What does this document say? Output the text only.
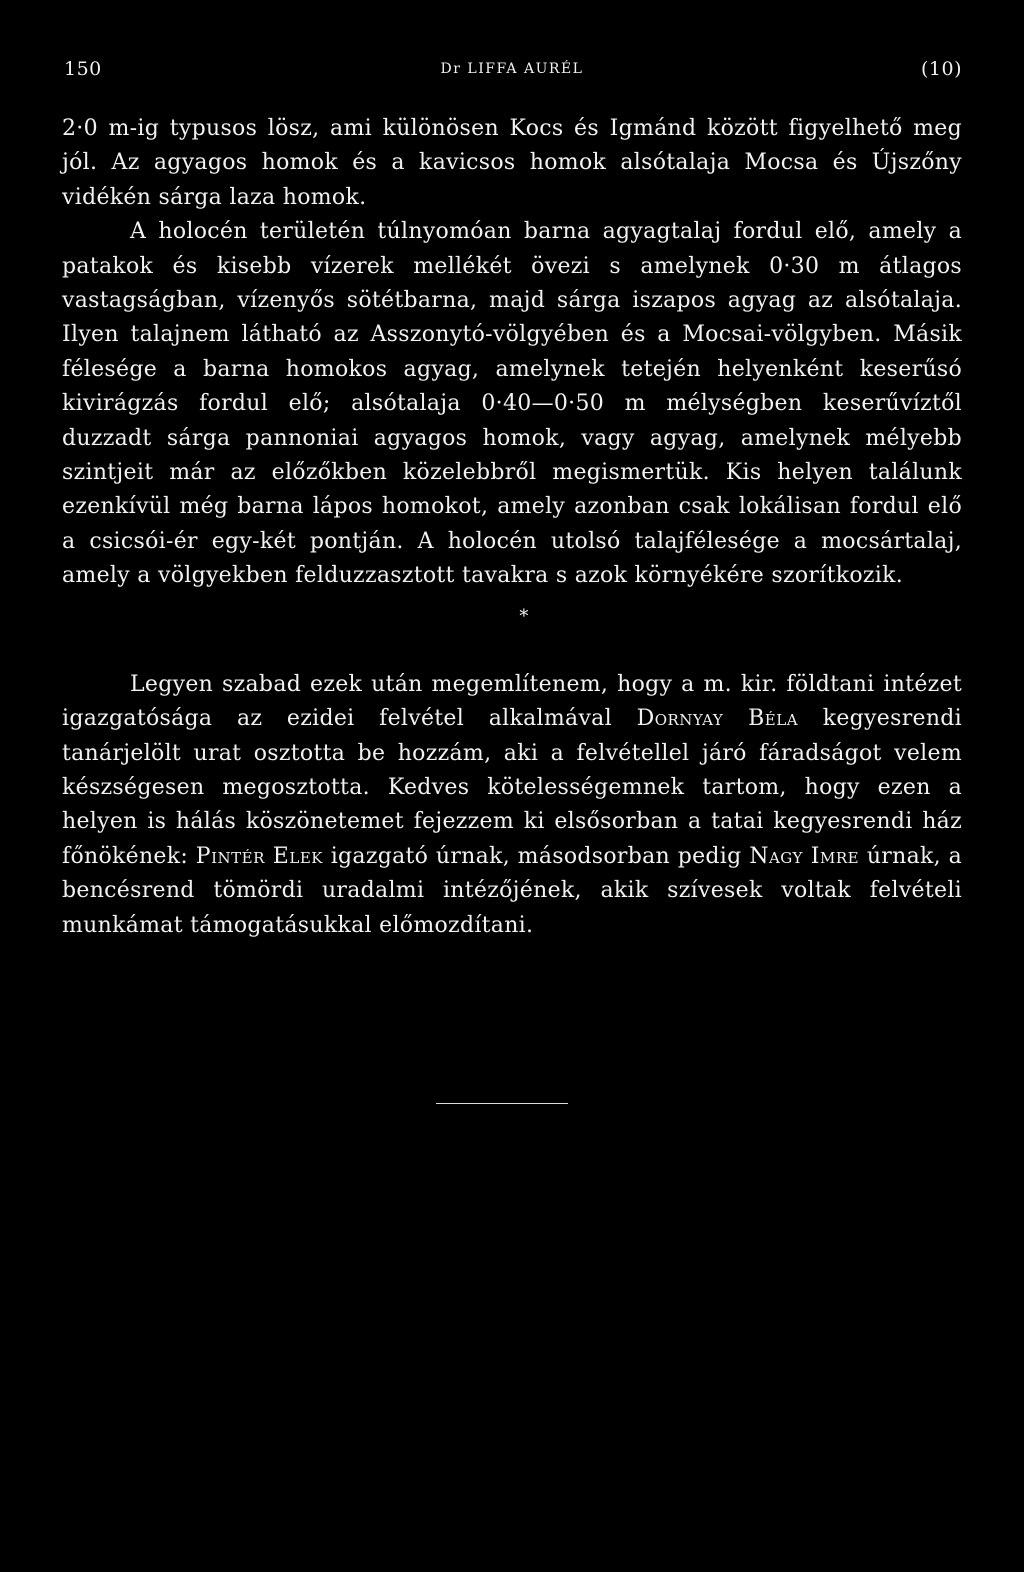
150	Dr LIFFA AURÉL	(10)

2·0 m-ig typusos lösz, ami különösen Kocs és Igmánd között figyelhető meg jól. Az agyagos homok és a kavicsos homok alsótalaja Mocsa és Újszőny vidékén sárga laza homok.

A holocén területén túlnyomóan barna agyagtalaj fordul elő, amely a patakok és kisebb vízerek mellékét övezi s amelynek 0·30 m átlagos vastagságban, vízenyős sötétbarna, majd sárga iszapos agyag az alsótalaja. Ilyen talajnem látható az Asszonytó-völgyében és a Mocsai-völgyben. Másik félesége a barna homokos agyag, amelynek tetején helyenként keserűsó kivirágzás fordul elő; alsótalaja 0·40—0·50 m mélységben keserűvíztől duzzadt sárga pannoniai agyagos homok, vagy agyag, amelynek mélyebb szintjeit már az előzőkben közelebbről megismertük. Kis helyen találunk ezenkívül még barna lápos homokot, amely azonban csak lokálisan fordul elő a csicsói-ér egy-két pontján. A holocén utolsó talajfélesége a mocsártalaj, amely a völgyekben felduzzasztott tavakra s azok környékére szorítkozik.

*

Legyen szabad ezek után megemlítenem, hogy a m. kir. földtani intézet igazgatósága az ezidei felvétel alkalmával Dornyay Béla kegyesrendi tanárjelölt urat osztotta be hozzám, aki a felvétellel járó fáradságot velem készségesen megosztotta. Kedves kötelességemnek tartom, hogy ezen a helyen is hálás köszönetemet fejezzem ki elsősorban a tatai kegyesrendi ház főnökének: Pintér Elek igazgató úrnak, másodsorban pedig Nagy Imre úrnak, a bencésrend tömördi uradalmi intézőjének, akik szívesek voltak felvételi munkámat támogatásukkal előmozdítani.
